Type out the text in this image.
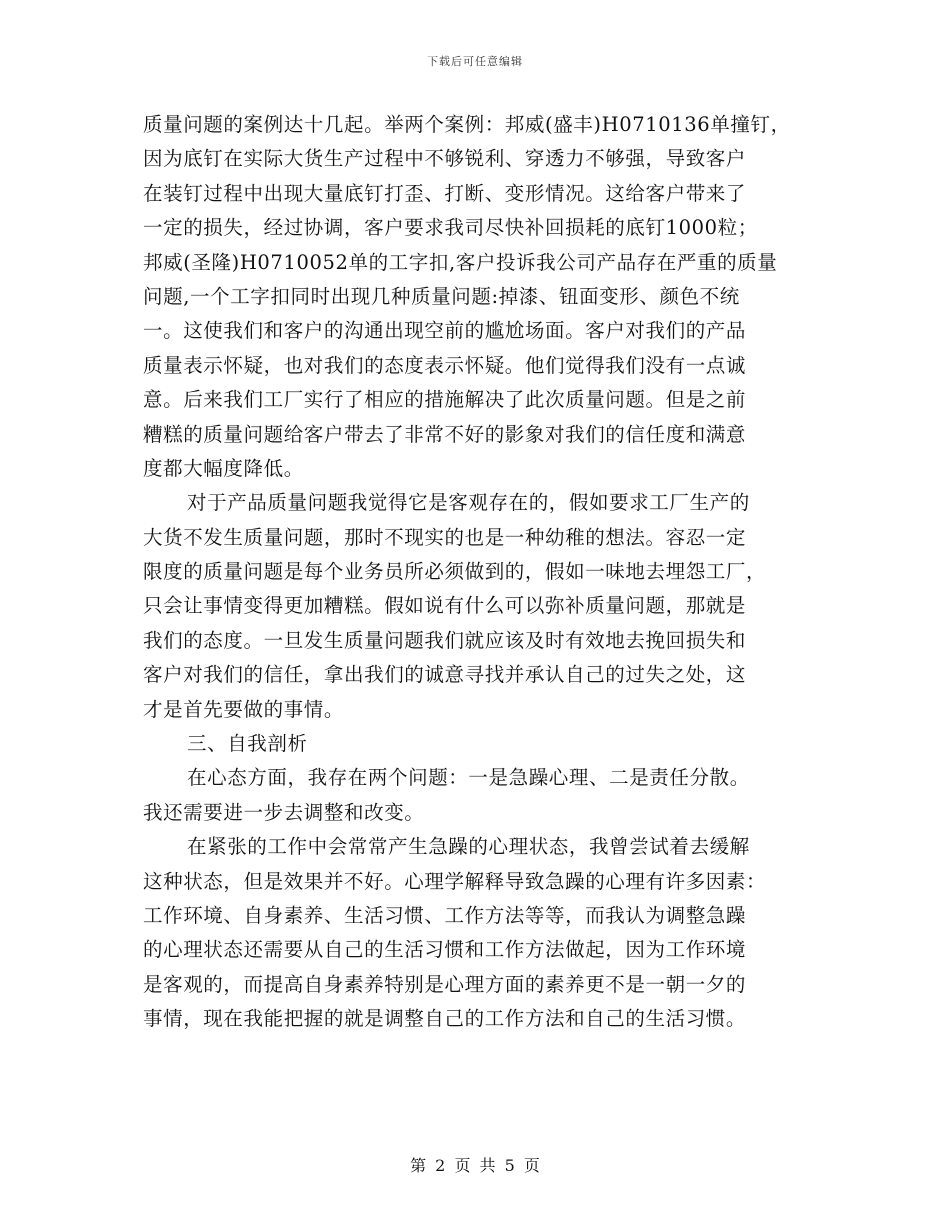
下载后可任意编辑
质量问题的案例达十几起。举两个案例：邦威(盛丰)H0710136单撞钉，
因为底钉在实际大货生产过程中不够锐利、穿透力不够强，导致客户
在装钉过程中出现大量底钉打歪、打断、变形情况。这给客户带来了
一定的损失，经过协调，客户要求我司尽快补回损耗的底钉1000粒；
邦威(圣隆)H0710052单的工字扣,客户投诉我公司产品存在严重的质量
问题,一个工字扣同时出现几种质量问题:掉漆、钮面变形、颜色不统
一。这使我们和客户的沟通出现空前的尴尬场面。客户对我们的产品
质量表示怀疑，也对我们的态度表示怀疑。他们觉得我们没有一点诚
意。后来我们工厂实行了相应的措施解决了此次质量问题。但是之前
糟糕的质量问题给客户带去了非常不好的影象对我们的信任度和满意
度都大幅度降低。
对于产品质量问题我觉得它是客观存在的，假如要求工厂生产的
大货不发生质量问题，那时不现实的也是一种幼稚的想法。容忍一定
限度的质量问题是每个业务员所必须做到的，假如一味地去埋怨工厂，
只会让事情变得更加糟糕。假如说有什么可以弥补质量问题，那就是
我们的态度。一旦发生质量问题我们就应该及时有效地去挽回损失和
客户对我们的信任，拿出我们的诚意寻找并承认自己的过失之处，这
才是首先要做的事情。
三、自我剖析
在心态方面，我存在两个问题：一是急躁心理、二是责任分散。
我还需要进一步去调整和改变。
在紧张的工作中会常常产生急躁的心理状态，我曾尝试着去缓解
这种状态，但是效果并不好。心理学解释导致急躁的心理有许多因素：
工作环境、自身素养、生活习惯、工作方法等等，而我认为调整急躁
的心理状态还需要从自己的生活习惯和工作方法做起，因为工作环境
是客观的，而提高自身素养特别是心理方面的素养更不是一朝一夕的
事情，现在我能把握的就是调整自己的工作方法和自己的生活习惯。
第 2 页 共 5 页
